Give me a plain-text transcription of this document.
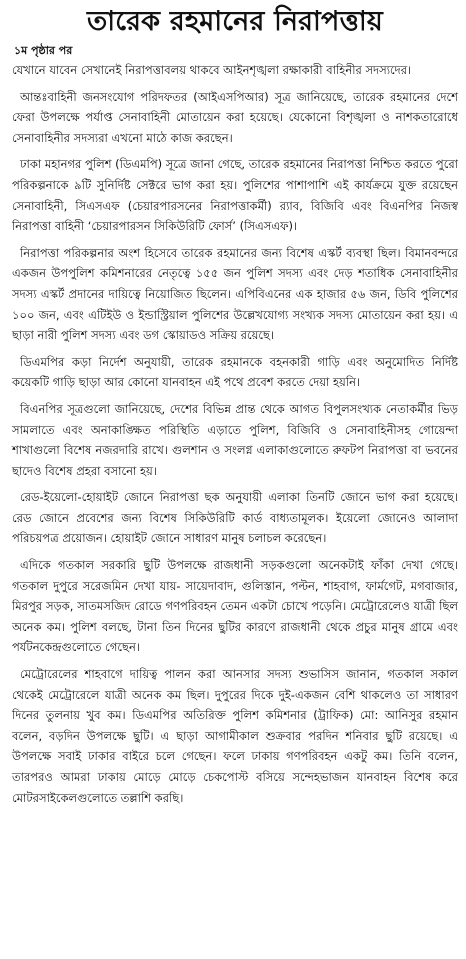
তারেক রহমানের নিরাপত্তায়
১ম পৃষ্ঠার পর

যেখানে যাবেন সেখানেই নিরাপত্তাবলয় থাকবে আইনশৃঙ্খলা রক্ষাকারী বাহিনীর সদস্যদের।

আন্তঃবাহিনী জনসংযোগ পরিদফতর (আইএসপিআর) সূত্র জানিয়েছে, তারেক রহমানের দেশে ফেরা উপলক্ষে পর্যাপ্ত সেনাবাহিনী মোতায়েন করা হয়েছে। যেকোনো বিশৃঙ্খলা ও নাশকতারোধে সেনাবাহিনীর সদস্যরা এখনো মাঠে কাজ করছেন।

ঢাকা মহানগর পুলিশ (ডিএমপি) সূত্রে জানা গেছে, তারেক রহমানের নিরাপত্তা নিশ্চিত করতে পুরো পরিকল্পনাকে ৯টি সুনির্দিষ্ট সেক্টরে ভাগ করা হয়। পুলিশের পাশাপাশি এই কার্যক্রমে যুক্ত রয়েছেন সেনাবাহিনী, সিএসএফ (চেয়ারপারসনের নিরাপত্তাকর্মী) র‌্যাব, বিজিবি এবং বিএনপির নিজস্ব নিরাপত্তা বাহিনী ‘চেয়ারপারসন সিকিউরিটি ফোর্স’ (সিএসএফ)।

নিরাপত্তা পরিকল্পনার অংশ হিসেবে তারেক রহমানের জন্য বিশেষ এস্কর্ট ব্যবস্থা ছিল। বিমানবন্দরে একজন উপপুলিশ কমিশনারের নেতৃত্বে ১৫৫ জন পুলিশ সদস্য এবং দেড় শতাধিক সেনাবাহিনীর সদস্য এস্কর্ট প্রদানের দায়িত্বে নিয়োজিত ছিলেন। এপিবিএনের এক হাজার ৫৬ জন, ডিবি পুলিশের ১০০ জন, এবং এটিইউ ও ইন্ডাস্ট্রিয়াল পুলিশের উল্লেখযোগ্য সংখ্যক সদস্য মোতায়েন করা হয়। এ ছাড়া নারী পুলিশ সদস্য এবং ডগ স্কোয়াডও সক্রিয় রয়েছে।

ডিএমপির কড়া নির্দেশ অনুযায়ী, তারেক রহমানকে বহনকারী গাড়ি এবং অনুমোদিত নির্দিষ্ট কয়েকটি গাড়ি ছাড়া আর কোনো যানবাহন এই পথে প্রবেশ করতে দেয়া হয়নি।

বিএনপির সূত্রগুলো জানিয়েছে, দেশের বিভিন্ন প্রান্ত থেকে আগত বিপুলসংখ্যক নেতাকর্মীর ভিড় সামলাতে এবং অনাকাঙ্ক্ষিত পরিস্থিতি এড়াতে পুলিশ, বিজিবি ও সেনাবাহিনীসহ গোয়েন্দা শাখাগুলো বিশেষ নজরদারি রাখে। গুলশান ও সংলগ্ন এলাকাগুলোতে রুফটপ নিরাপত্তা বা ভবনের ছাদেও বিশেষ প্রহরা বসানো হয়।

রেড-ইয়েলো-হোয়াইট জোনে নিরাপত্তা ছক অনুযায়ী এলাকা তিনটি জোনে ভাগ করা হয়েছে। রেড জোনে প্রবেশের জন্য বিশেষ সিকিউরিটি কার্ড বাধ্যতামূলক। ইয়েলো জোনেও আলাদা পরিচয়পত্র প্রয়োজন। হোয়াইট জোনে সাধারণ মানুষ চলাচল করেছেন।

এদিকে গতকাল সরকারি ছুটি উপলক্ষে রাজধানী সড়কগুলো অনেকটাই ফাঁকা দেখা গেছে। গতকাল দুপুরে সরেজমিন দেখা যায়- সায়েদাবাদ, গুলিস্তান, পল্টন, শাহবাগ, ফার্মগেট, মগবাজার, মিরপুর সড়ক, সাতমসজিদ রোডে গণপরিবহন তেমন একটা চোখে পড়েনি। মেট্রোরেলেও যাত্রী ছিল অনেক কম। পুলিশ বলছে, টানা তিন দিনের ছুটির কারণে রাজধানী থেকে প্রচুর মানুষ গ্রামে এবং পর্যটনকেন্দ্রগুলোতে গেছেন।

মেট্রোরেলের শাহবাগে দায়িত্ব পালন করা আনসার সদস্য শুভাসিস জানান, গতকাল সকাল থেকেই মেট্রোরেলে যাত্রী অনেক কম ছিল। দুপুরের দিকে দুই-একজন বেশি থাকলেও তা সাধারণ দিনের তুলনায় খুব কম। ডিএমপির অতিরিক্ত পুলিশ কমিশনার (ট্রাফিক) মো: আনিসুর রহমান বলেন, বড়দিন উপলক্ষে ছুটি। এ ছাড়া আগামীকাল শুক্রবার পরদিন শনিবার ছুটি রয়েছে। এ উপলক্ষে সবাই ঢাকার বাইরে চলে গেছেন। ফলে ঢাকায় গণপরিবহন একটু কম। তিনি বলেন, তারপরও আমরা ঢাকায় মোড়ে মোড়ে চেকপোস্ট বসিয়ে সন্দেহভাজন যানবাহন বিশেষ করে মোটরসাইকেলগুলোতে তল্লাশি করছি।
